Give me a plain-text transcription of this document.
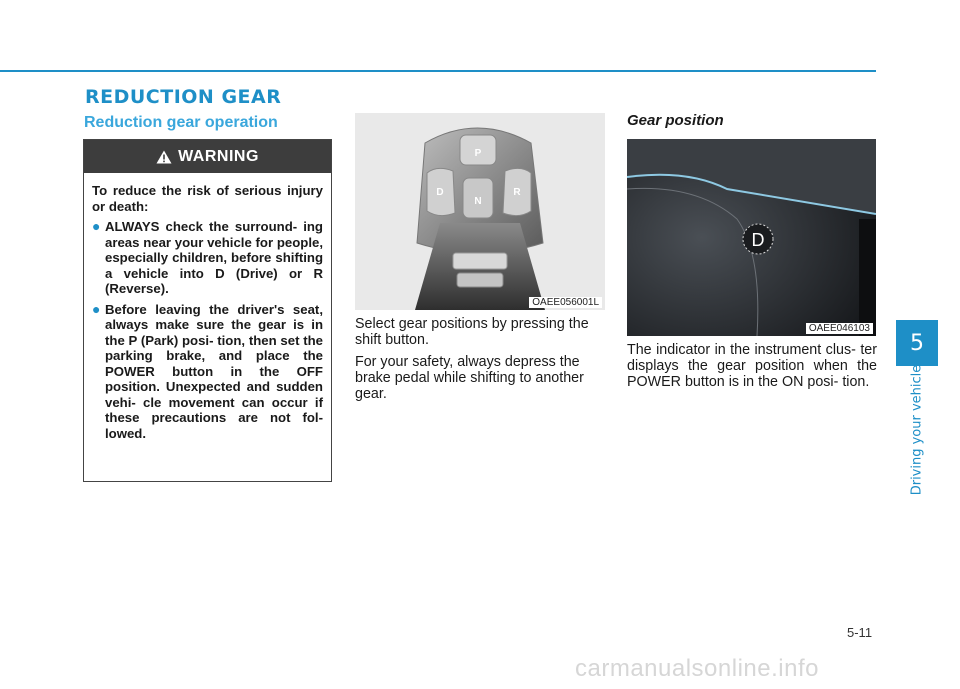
REDUCTION GEAR
Reduction gear operation
WARNING

To reduce the risk of serious injury or death:

● ALWAYS check the surround- ing areas near your vehicle for people, especially children, before shifting a vehicle into D (Drive) or R (Reverse).
● Before leaving the driver's seat, always make sure the gear is in the P (Park) posi- tion, then set the parking brake, and place the POWER button in the OFF position. Unexpected and sudden vehi- cle movement can occur if these precautions are not fol- lowed.
P
N
D	R
OAEE056001L

Select gear positions by pressing the shift button.

For your safety, always depress the brake pedal while shifting to another gear.

Gear position
D
OAEE046103
The indicator in the instrument clus- ter displays the gear position when the POWER button is in the ON posi- tion.
5
Driving your vehicle
5-11
carmanualsonline.info
